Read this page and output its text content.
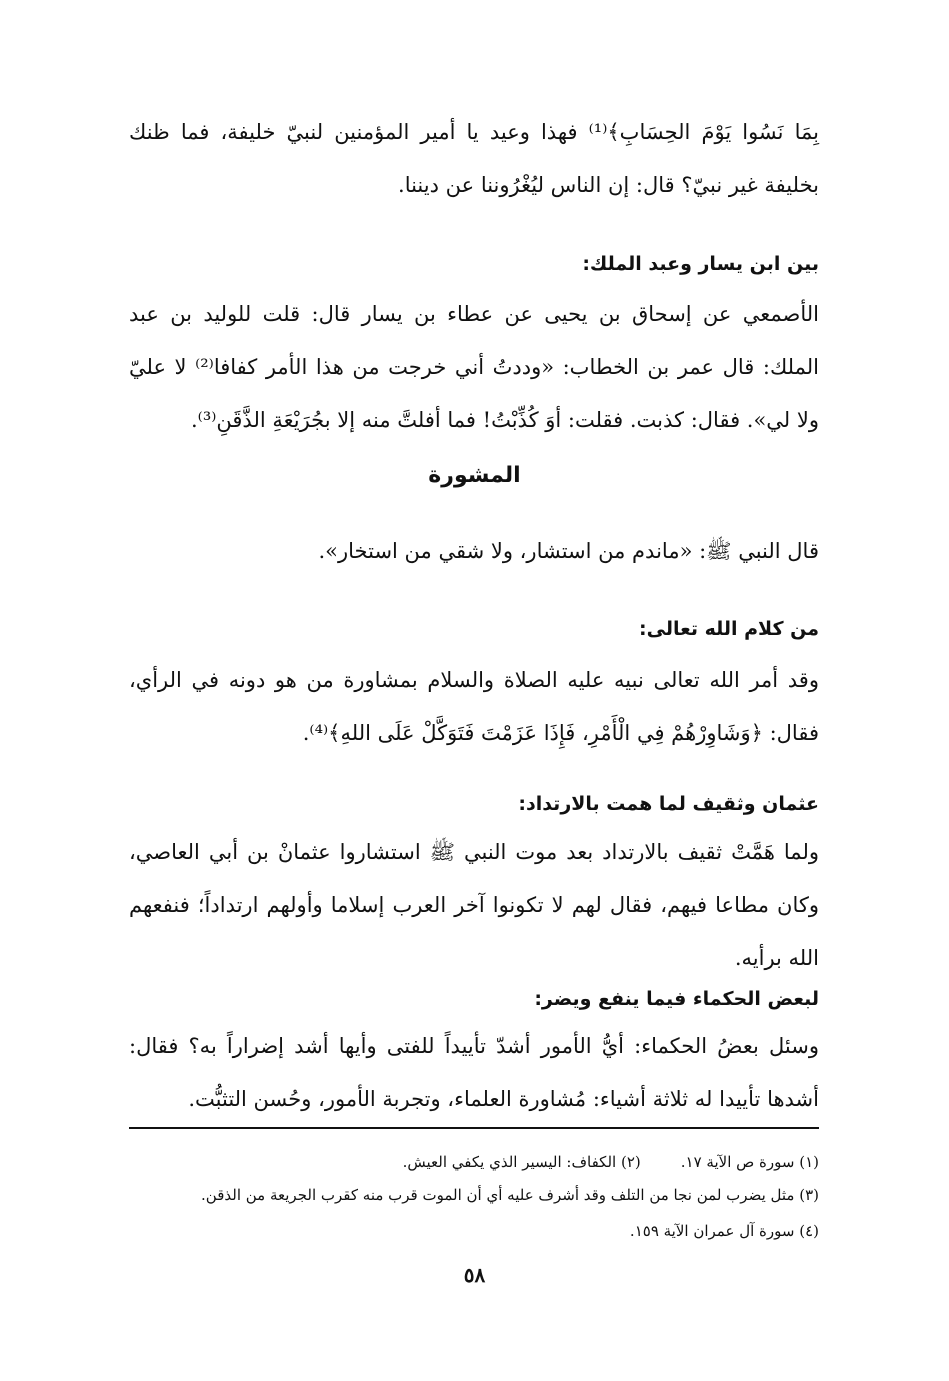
بِمَا نَسُوا يَوْمَ الحِسَابِ﴾⁽¹⁾ فهذا وعيد يا أمير المؤمنين لنبيّ خليفة، فما ظنك بخليفة غير نبيّ؟ قال: إن الناس ليُغْرُوننا عن ديننا.

بين ابن يسار وعبد الملك:

الأصمعي عن إسحاق بن يحيى عن عطاء بن يسار قال: قلت للوليد بن عبد الملك: قال عمر بن الخطاب: «وددتُ أني خرجت من هذا الأمر كفافا⁽²⁾ لا عليّ ولا لي». فقال: كذبت. فقلت: أوَ كُذِّبْتُ! فما أفلتَّ منه إلا بجُرَيْعَةِ الذَّقَنِ⁽³⁾.

المشورة

قال النبي ﷺ: «ماندم من استشار، ولا شقي من استخار».

من كلام الله تعالى:

وقد أمر الله تعالى نبيه عليه الصلاة والسلام بمشاورة من هو دونه في الرأي، فقال: ﴿وَشَاوِرْهُمْ فِي الْأَمْرِ، فَإِذَا عَزَمْتَ فَتَوَكَّلْ عَلَى اللهِ﴾⁽⁴⁾.

عثمان وثقيف لما همت بالارتداد:

ولما هَمَّتْ ثقيف بالارتداد بعد موت النبي ﷺ استشاروا عثمانْ بن أبي العاصي، وكان مطاعا فيهم، فقال لهم لا تكونوا آخر العرب إسلاما وأولهم ارتداداً؛ فنفعهم الله برأيه.

لبعض الحكماء فيما ينفع ويضر:

وسئل بعضُ الحكماء: أيُّ الأمور أشدّ تأييداً للفتى وأيها أشد إضراراً به؟ فقال: أشدها تأييدا له ثلاثة أشياء: مُشاورة العلماء، وتجربة الأمور، وحُسن التثبُّت.

(١) سورة ص الآية ١٧.(٢) الكفاف: اليسير الذي يكفي العيش.

(٣) مثل يضرب لمن نجا من التلف وقد أشرف عليه أي أن الموت قرب منه كقرب الجريعة من الذقن.

(٤) سورة آل عمران الآية ١٥٩.

٥٨
